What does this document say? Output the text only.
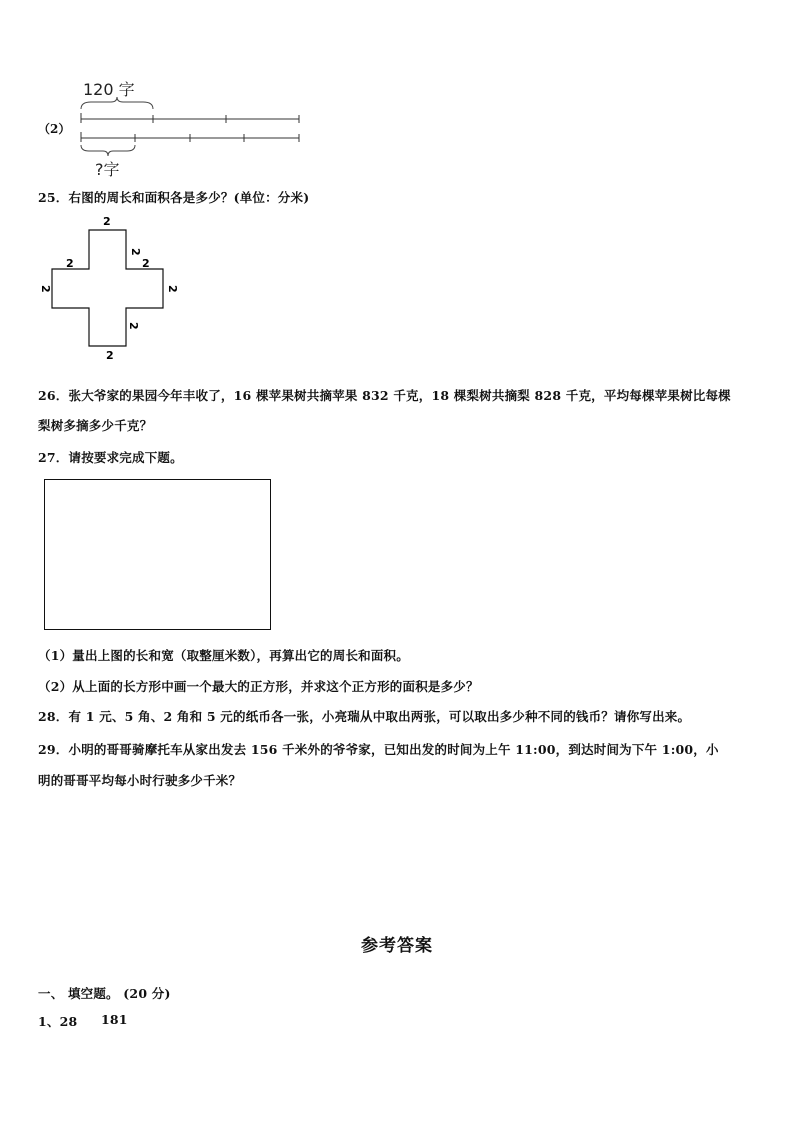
（2）
120 字
?字
25．右图的周长和面积各是多少？(单位：分米)
2
2
2	2
2	2
2
2
26．张大爷家的果园今年丰收了，16 棵苹果树共摘苹果 832 千克，18 棵梨树共摘梨 828 千克，平均每棵苹果树比每棵
梨树多摘多少千克？
27．请按要求完成下题。
（1）量出上图的长和宽（取整厘米数），再算出它的周长和面积。
（2）从上面的长方形中画一个最大的正方形，并求这个正方形的面积是多少？
28．有 1 元、5 角、2 角和 5 元的纸币各一张，小亮瑞从中取出两张，可以取出多少种不同的钱币？请你写出来。
29．小明的哥哥骑摩托车从家出发去 156 千米外的爷爷家，已知出发的时间为上午 11:00，到达时间为下午 1:00，小
明的哥哥平均每小时行驶多少千米？
参考答案
一、 填空题。 (20 分)
1、28 181
